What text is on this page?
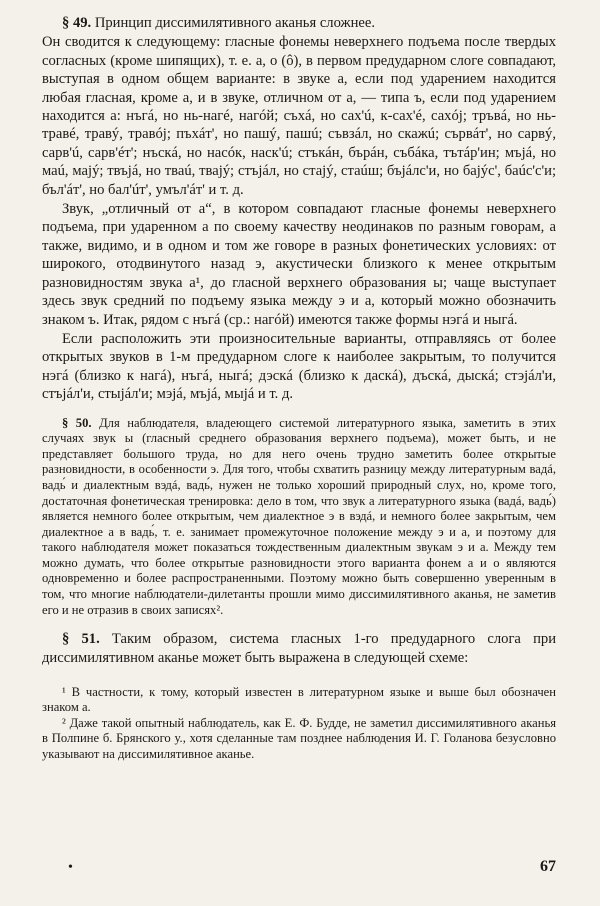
§ 49. Принцип диссимилятивного аканья сложнее.

Он сводится к следующему: гласные фонемы неверхнего подъема после твердых согласных (кроме шипящих), т. е. а, о (ô), в первом предударном слоге совпадают, выступая в одном общем варианте: в звуке а, если под ударением находится любая гласная, кроме а, и в звуке, отличном от а, — типа ъ, если под ударением находится а: нъгá, но нь-нагé, нагóй; съхá, но сах'ú, к-сах'é, сахój; тръвá, но нь-травé, травý, травój; пъхáт', но пашý, пашú; съвзáл, но скажú; сървáт', но сарвý, сарв'ú, сарв'éт'; нъскá, но насóк, наск'ú; стъкáн, бърáн, събáка, тътáр'ин; мъjá, но маú, маjý; твъjá, но тваú, тваjý; стъjáл, но стаjý, стаúш; бъjáлс'и, но баjýс', бaúс'с'и; бъл'áт', но бал'úт', умъл'áт' и т. д.

Звук, „отличный от а“, в котором совпадают гласные фонемы неверхнего подъема, при ударенном а по своему качеству неодинаков по разным говорам, а также, видимо, и в одном и том же говоре в разных фонетических условиях: от широкого, отодвинутого назад э, акустически близкого к менее открытым разновидностям звука а¹, до гласной верхнего образования ы; чаще выступает здесь звук средний по подъему языка между э и а, который можно обозначить знаком ъ. Итак, рядом с нъгá (ср.: нагóй) имеются также формы нэгá и ныгá.

Если расположить эти произносительные варианты, отправляясь от более открытых звуков в 1-м предударном слоге к наиболее закрытым, то получится нэгá (близко к нагá), нъгá, ныгá; дэскá (близко к даскá), дъскá, дыскá; стэjáл'и, стъjáл'и, стыjáл'и; мэjá, мъjá, мыjá и т. д.

§ 50. Для наблюдателя, владеющего системой литературного языка, заметить в этих случаях звук ы (гласный среднего образования верхнего подъема), может быть, и не представляет большого труда, но для него очень трудно заметить более открытые разновидности, в особенности э. Для того, чтобы схватить разницу между литературным вадá, вадь́ и диалектным вэдá, вадь́, нужен не только хороший природный слух, но, кроме того, достаточная фонетическая тренировка: дело в том, что звук а литературного языка (вадá, вадь́) является немного более открытым, чем диалектное э в вэдá, и немного более закрытым, чем диалектное а в вадь́, т. е. занимает промежуточное положение между э и а, и поэтому для такого наблюдателя может показаться тождественным диалектным звукам э и а. Между тем можно думать, что более открытые разновидности этого варианта фонем а и о являются одновременно и более распространенными. Поэтому можно быть совершенно уверенным в том, что многие наблюдатели-дилетанты прошли мимо диссимилятивного аканья, не заметив его и не отразив в своих записях².

§ 51. Таким образом, система гласных 1-го предударного слога при диссимилятивном аканье может быть выражена в следующей схеме:

¹ В частности, к тому, который известен в литературном языке и выше был обозначен знаком а.

² Даже такой опытный наблюдатель, как Е. Ф. Будде, не заметил диссимилятивного аканья в Полпине б. Брянского у., хотя сделанные там позднее наблюдения И. Г. Голанова безусловно указывают на диссимилятивное аканье.

•	67
